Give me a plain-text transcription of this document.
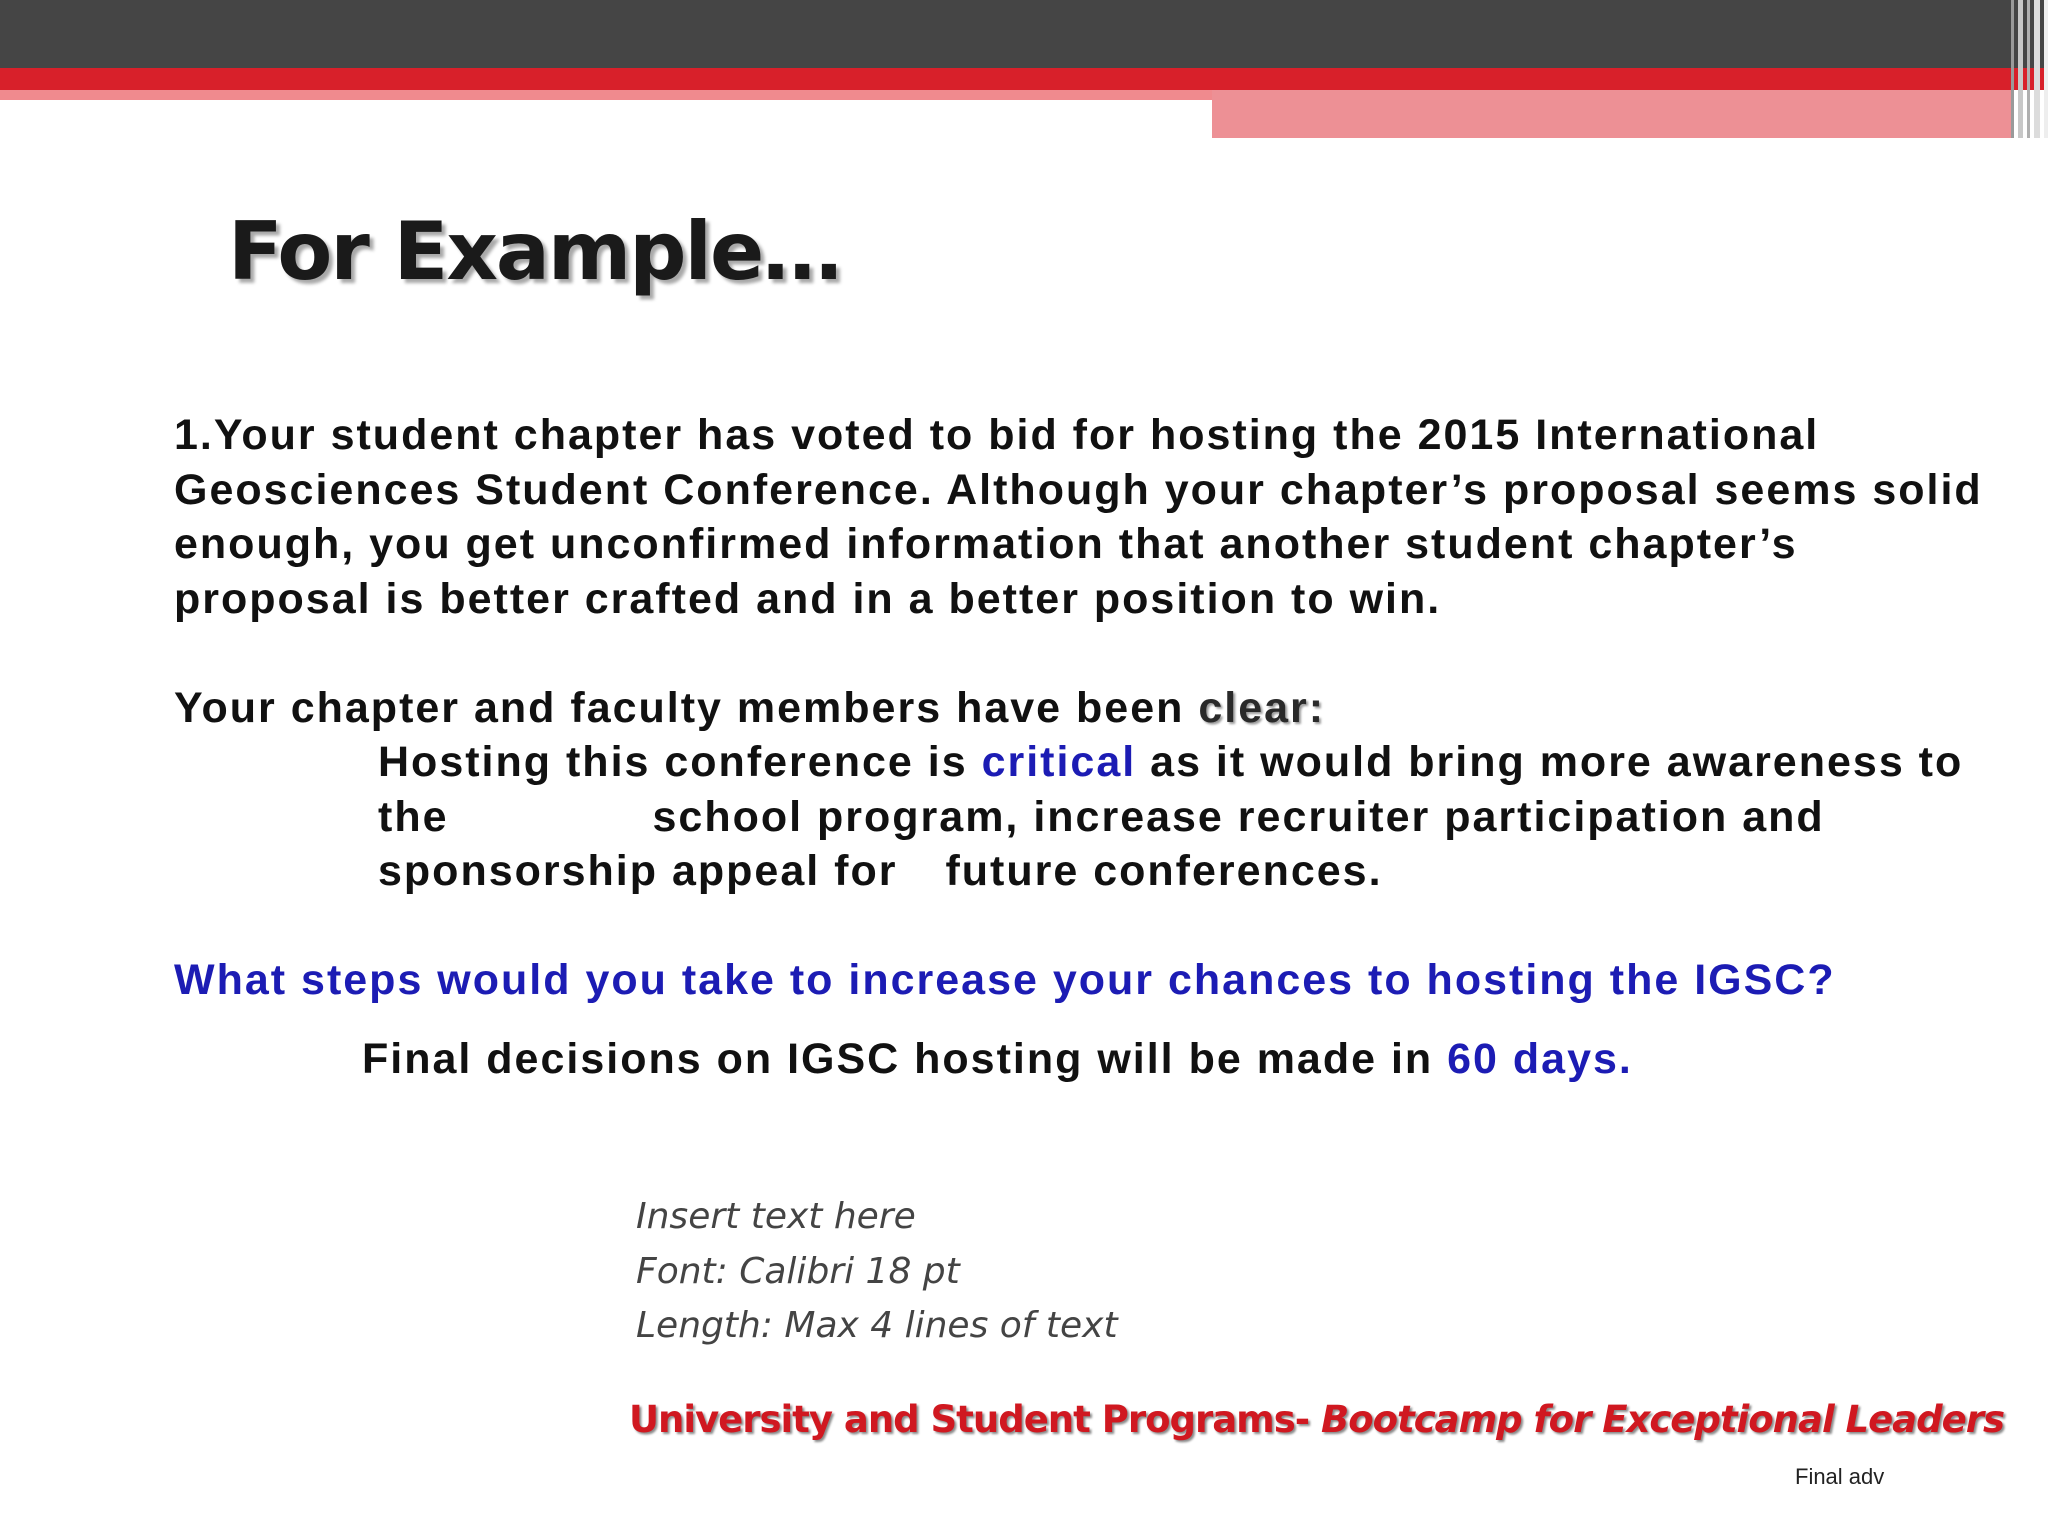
For Example…

1.Your student chapter has voted to bid for hosting the 2015 International Geosciences Student Conference. Although your chapter’s proposal seems solid enough, you get unconfirmed information that another student chapter’s proposal is better crafted and in a better position to win.

Your chapter and faculty members have been clear:

Hosting this conference is critical as it would bring more awareness to the	school program, increase recruiter participation and sponsorship appeal for future conferences.

What steps would you take to increase your chances to hosting the IGSC?

Final decisions on IGSC hosting will be made in 60 days.

Insert text here
Font: Calibri 18 pt
Length: Max 4 lines of text
University and Student Programs- Bootcamp for Exceptional Leaders
Final adv
